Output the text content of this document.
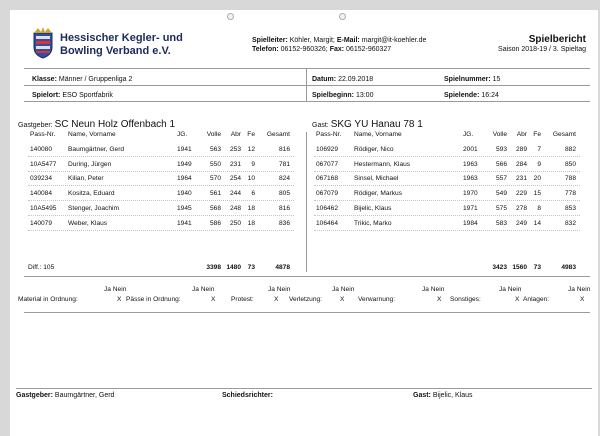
Hessischer Kegler- und
Bowling Verband e.V.
Spielleiter: Köhler, Margit; E-Mail: margit@it-koehler.de
Telefon: 06152-960326; Fax: 06152-960327
Spielbericht
Saison 2018-19 / 3. Spieltag
Klasse: Männer / Gruppenliga 2
Spielort: ESO Sportfabrik
Datum: 22.09.2018
Spielbeginn: 13:00
Spielnummer: 15
Spielende: 16:24
Gastgeber: SC Neun Holz Offenbach 1	Gast: SKG YU Hanau 78 1
Pass-Nr. Name, Vorname	JG.	Volle	Abr Fe	Gesamt
140080 Baumgärtner, Gerd	1941	563	253	12	816
10A5477 During, Jürgen	1949	550	231	9	781
039234 Kilian, Peter	1964	570	254	10	824
140084 Kositza, Eduard	1940	561	244	6	805
10A5495 Stenger, Joachim	1945	568	248	18	816
140079 Weber, Klaus	1941	586	250	18	836
Diff.: 105	3398 1480	73	4878
Pass-Nr. Name, Vorname	JG.	Volle	Abr Fe	Gesamt
106929 Rödiger, Nico	2001	593	289	7	882
067077 Hestermann, Klaus	1963	566	284	9	850
067168 Sinsel, Michael	1963	557	231	20	788
067079 Rödiger, Markus	1970	549	229	15	778
106462 Bijelic, Klaus	1971	575	278	8	853
106464 Trikic, Marko	1984	583	249	14	832
3423 1560	73	4983
Ja Nein
Material in Ordnung:	X
Ja Nein
Pässe in Ordnung:	X
Ja Nein
Protest:	X
Ja Nein
Verletzung:	X
Ja Nein
Verwarnung:	X
Ja Nein
Sonstiges:	X
Ja Nein
Anlagen:	X
Gastgeber: Baumgärtner, Gerd	Schiedsrichter:	Gast: Bijelic, Klaus
